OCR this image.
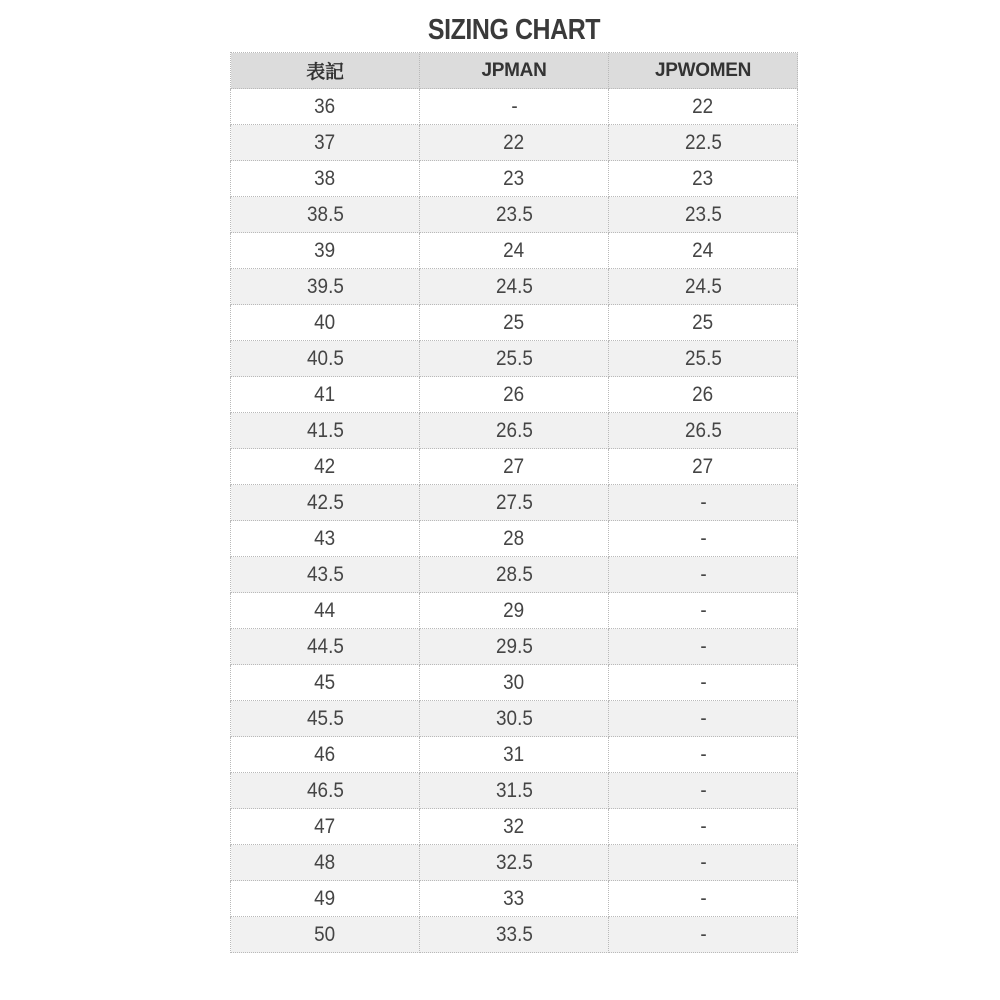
SIZING CHART
表記	JPMAN	JPWOMEN
36	-	22
37	22	22.5
38	23	23
38.5	23.5	23.5
39	24	24
39.5	24.5	24.5
40	25	25
40.5	25.5	25.5
41	26	26
41.5	26.5	26.5
42	27	27
42.5	27.5	-
43	28	-
43.5	28.5	-
44	29	-
44.5	29.5	-
45	30	-
45.5	30.5	-
46	31	-
46.5	31.5	-
47	32	-
48	32.5	-
49	33	-
50	33.5	-
